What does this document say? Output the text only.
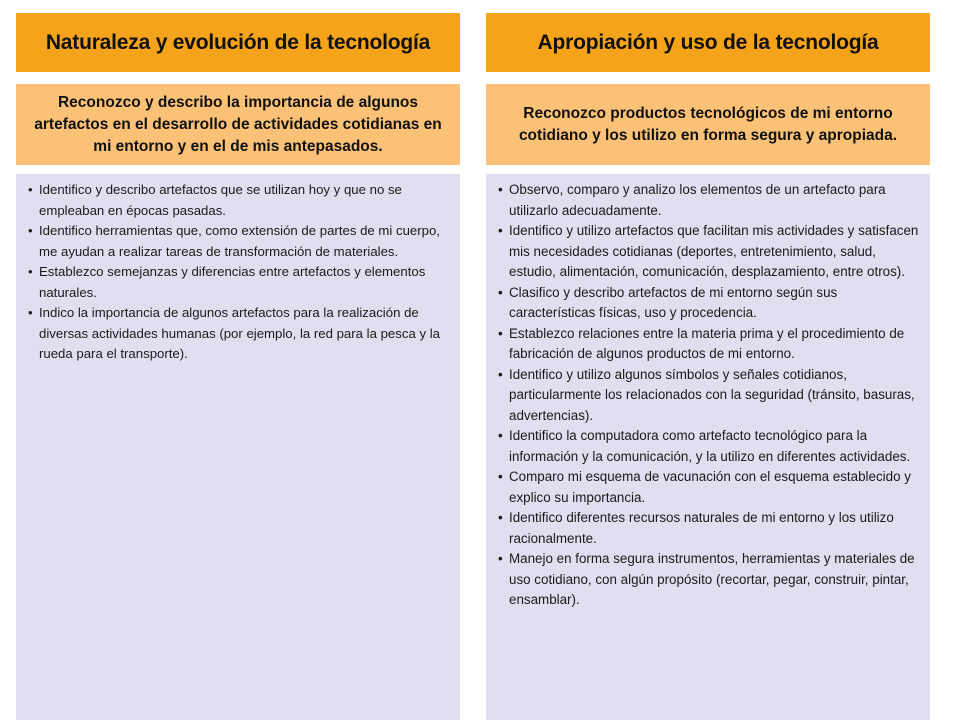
Naturaleza y evolución de la tecnología
Reconozco y describo la importancia de algunos artefactos en el desarrollo de actividades cotidianas en mi entorno y en el de mis antepasados.
• Identifico y describo artefactos que se utilizan hoy y que no se empleaban en épocas pasadas.
• Identifico herramientas que, como extensión de partes de mi cuerpo, me ayudan a realizar tareas de transformación de materiales.
• Establezco semejanzas y diferencias entre artefactos y elementos naturales.
• Indico la importancia de algunos artefactos para la realización de diversas actividades humanas (por ejemplo, la red para la pesca y la rueda para el transporte).
Apropiación y uso de la tecnología
Reconozco productos tecnológicos de mi entorno cotidiano y los utilizo en forma segura y apropiada.
• Observo, comparo y analizo los elementos de un artefacto para utilizarlo adecuadamente.
• Identifico y utilizo artefactos que facilitan mis actividades y satisfacen mis necesidades cotidianas (deportes, entretenimiento, salud, estudio, alimentación, comunicación, desplazamiento, entre otros).
• Clasifico y describo artefactos de mi entorno según sus características físicas, uso y procedencia.
• Establezco relaciones entre la materia prima y el procedimiento de fabricación de algunos productos de mi entorno.
• Identifico y utilizo algunos símbolos y señales cotidianos, particularmente los relacionados con la seguridad (tránsito, basuras, advertencias).
• Identifico la computadora como artefacto tecnológico para la información y la comunicación, y la utilizo en diferentes actividades.
• Comparo mi esquema de vacunación con el esquema establecido y explico su importancia.
• Identifico diferentes recursos naturales de mi entorno y los utilizo racionalmente.
• Manejo en forma segura instrumentos, herramientas y materiales de uso cotidiano, con algún propósito (recortar, pegar, construir, pintar, ensamblar).
